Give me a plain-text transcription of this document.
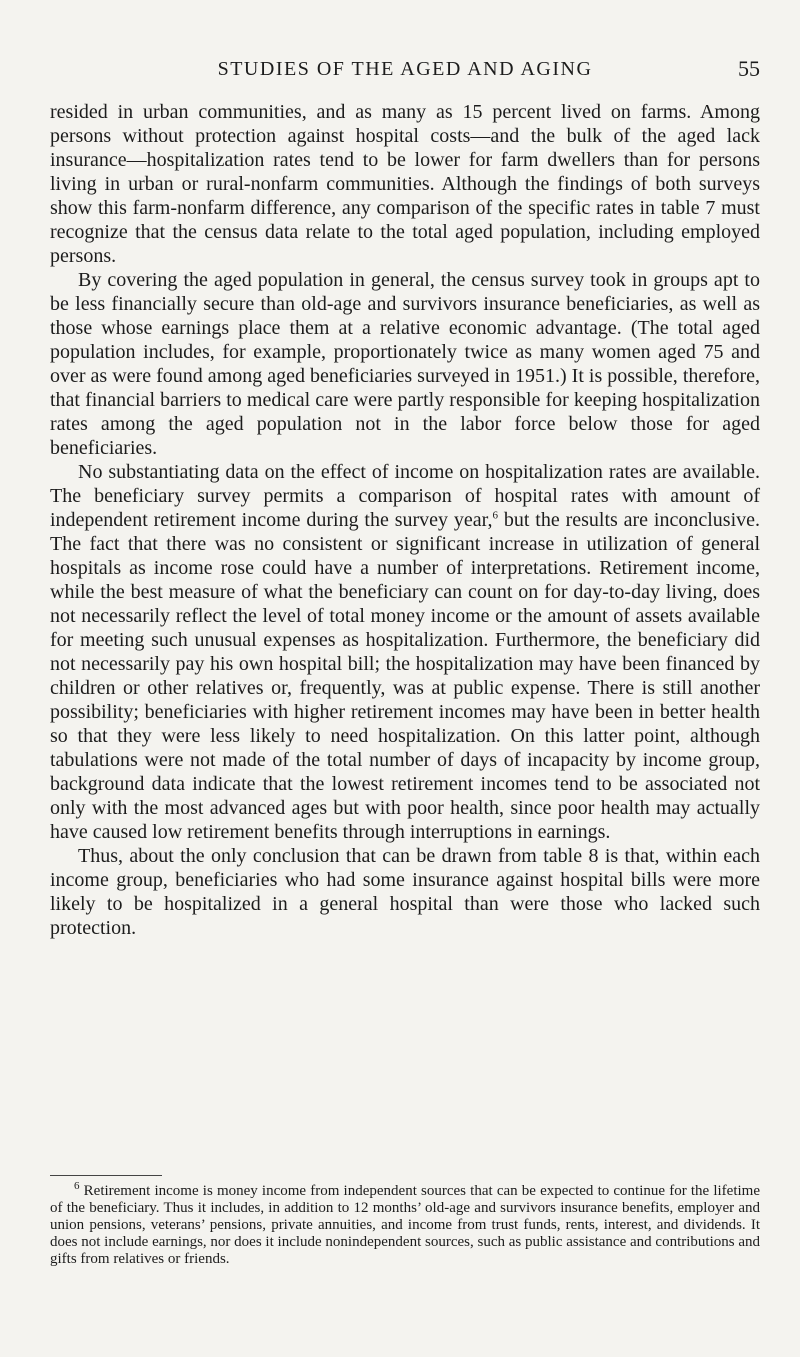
STUDIES OF THE AGED AND AGING	55

resided in urban communities, and as many as 15 percent lived on farms. Among persons without protection against hospital costs—and the bulk of the aged lack insurance—hospitalization rates tend to be lower for farm dwellers than for persons living in urban or rural-nonfarm communities. Although the findings of both surveys show this farm-nonfarm difference, any comparison of the specific rates in table 7 must recognize that the census data relate to the total aged population, including employed persons.

By covering the aged population in general, the census survey took in groups apt to be less financially secure than old-age and survivors insurance beneficiaries, as well as those whose earnings place them at a relative economic advantage. (The total aged population includes, for example, proportionately twice as many women aged 75 and over as were found among aged beneficiaries surveyed in 1951.) It is possible, therefore, that financial barriers to medical care were partly responsible for keeping hospitalization rates among the aged population not in the labor force below those for aged beneficiaries.

No substantiating data on the effect of income on hospitalization rates are available. The beneficiary survey permits a comparison of hospital rates with amount of independent retirement income during the survey year,$^6$ but the results are inconclusive. The fact that there was no consistent or significant increase in utilization of general hospitals as income rose could have a number of interpretations. Retirement income, while the best measure of what the beneficiary can count on for day-to-day living, does not necessarily reflect the level of total money income or the amount of assets available for meeting such unusual expenses as hospitalization. Furthermore, the beneficiary did not necessarily pay his own hospital bill; the hospitalization may have been financed by children or other relatives or, frequently, was at public expense. There is still another possibility; beneficiaries with higher retirement incomes may have been in better health so that they were less likely to need hospitalization. On this latter point, although tabulations were not made of the total number of days of incapacity by income group, background data indicate that the lowest retirement incomes tend to be associated not only with the most advanced ages but with poor health, since poor health may actually have caused low retirement benefits through interruptions in earnings.

Thus, about the only conclusion that can be drawn from table 8 is that, within each income group, beneficiaries who had some insurance against hospital bills were more likely to be hospitalized in a general hospital than were those who lacked such protection.

$^6$ Retirement income is money income from independent sources that can be expected to continue for the lifetime of the beneficiary. Thus it includes, in addition to 12 months’ old-age and survivors insurance benefits, employer and union pensions, veterans’ pensions, private annuities, and income from trust funds, rents, interest, and dividends. It does not include earnings, nor does it include nonindependent sources, such as public assistance and contributions and gifts from relatives or friends.
